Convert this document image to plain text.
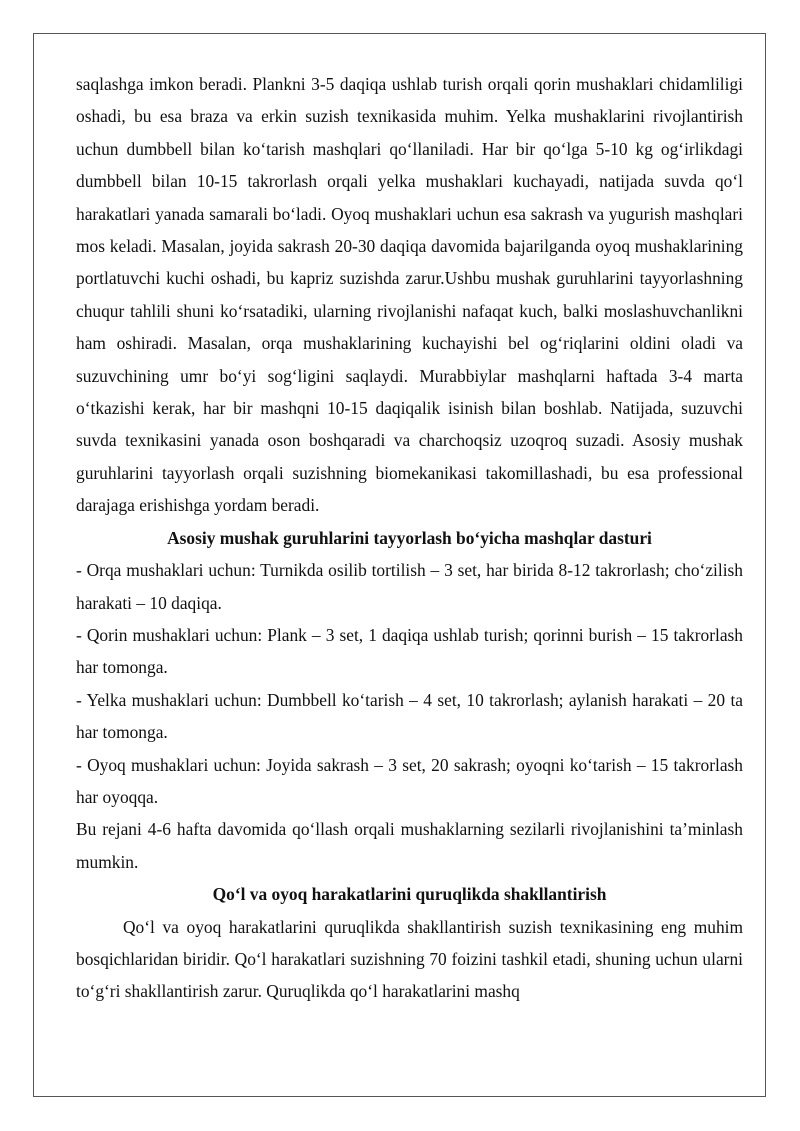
saqlashga imkon beradi. Plankni 3-5 daqiqa ushlab turish orqali qorin mushaklari chidamliligi oshadi, bu esa braza va erkin suzish texnikasida muhim. Yelka mushaklarini rivojlantirish uchun dumbbell bilan ko‘tarish mashqlari qo‘llaniladi. Har bir qo‘lga 5-10 kg og‘irlikdagi dumbbell bilan 10-15 takrorlash orqali yelka mushaklari kuchayadi, natijada suvda qo‘l harakatlari yanada samarali bo‘ladi. Oyoq mushaklari uchun esa sakrash va yugurish mashqlari mos keladi. Masalan, joyida sakrash 20-30 daqiqa davomida bajarilganda oyoq mushaklarining portlatuvchi kuchi oshadi, bu kapriz suzishda zarur.Ushbu mushak guruhlarini tayyorlashning chuqur tahlili shuni ko‘rsatadiki, ularning rivojlanishi nafaqat kuch, balki moslashuvchanlikni ham oshiradi. Masalan, orqa mushaklarining kuchayishi bel og‘riqlarini oldini oladi va suzuvchining umr bo‘yi sog‘ligini saqlaydi. Murabbiylar mashqlarni haftada 3-4 marta o‘tkazishi kerak, har bir mashqni 10-15 daqiqalik isinish bilan boshlab. Natijada, suzuvchi suvda texnikasini yanada oson boshqaradi va charchoqsiz uzoqroq suzadi. Asosiy mushak guruhlarini tayyorlash orqali suzishning biomekanikasi takomillashadi, bu esa professional darajaga erishishga yordam beradi.

Asosiy mushak guruhlarini tayyorlash bo‘yicha mashqlar dasturi

- Orqa mushaklari uchun: Turnikda osilib tortilish – 3 set, har birida 8-12 takrorlash; cho‘zilish harakati – 10 daqiqa.

- Qorin mushaklari uchun: Plank – 3 set, 1 daqiqa ushlab turish; qorinni burish – 15 takrorlash har tomonga.

- Yelka mushaklari uchun: Dumbbell ko‘tarish – 4 set, 10 takrorlash; aylanish harakati – 20 ta har tomonga.

- Oyoq mushaklari uchun: Joyida sakrash – 3 set, 20 sakrash; oyoqni ko‘tarish – 15 takrorlash har oyoqqa.

Bu rejani 4-6 hafta davomida qo‘llash orqali mushaklarning sezilarli rivojlanishini ta’minlash mumkin.

Qo‘l va oyoq harakatlarini quruqlikda shakllantirish

Qo‘l va oyoq harakatlarini quruqlikda shakllantirish suzish texnikasining eng muhim bosqichlaridan biridir. Qo‘l harakatlari suzishning 70 foizini tashkil etadi, shuning uchun ularni to‘g‘ri shakllantirish zarur. Quruqlikda qo‘l harakatlarini mashq
